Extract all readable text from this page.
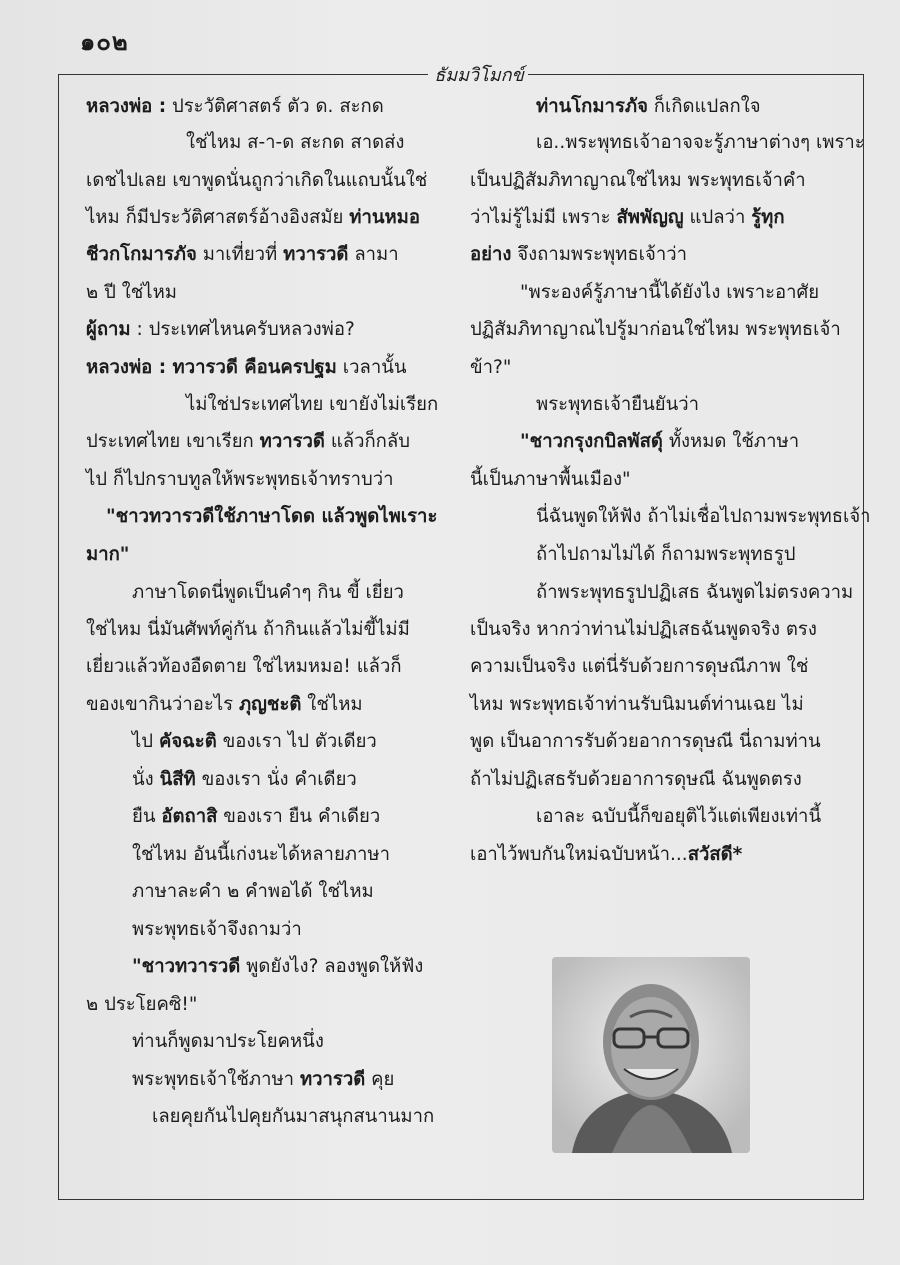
๑๐๒
ธัมมวิโมกข์
หลวงพ่อ : ประวัติศาสตร์ ตัว ด. สะกด
ใช่ไหม ส-า-ด สะกด สาดส่ง
เดชไปเลย เขาพูดนั่นถูกว่าเกิดในแถบนั้นใช่
ไหม ก็มีประวัติศาสตร์อ้างอิงสมัย ท่านหมอ
ชีวกโกมารภัจ มาเที่ยวที่ ทวารวดี ลามา
๒ ปี ใช่ไหม
ผู้ถาม : ประเทศไหนครับหลวงพ่อ?
หลวงพ่อ : ทวารวดี คือนครปฐม เวลานั้น
ไม่ใช่ประเทศไทย เขายังไม่เรียก
ประเทศไทย เขาเรียก ทวารวดี แล้วก็กลับ
ไป ก็ไปกราบทูลให้พระพุทธเจ้าทราบว่า
"ชาวทวารวดีใช้ภาษาโดด แล้วพูดไพเราะ
มาก"
ภาษาโดดนี่พูดเป็นคำๆ กิน ขี้ เยี่ยว
ใช่ไหม นี่มันศัพท์คู่กัน ถ้ากินแล้วไม่ขี้ไม่มี
เยี่ยวแล้วท้องอืดตาย ใช่ไหมหมอ! แล้วก็
ของเขากินว่าอะไร ภุญชะติ ใช่ไหม
ไป คัจฉะติ ของเรา ไป ตัวเดียว
นั่ง นิสีทิ ของเรา นั่ง คำเดียว
ยืน อัตถาสิ ของเรา ยืน คำเดียว
ใช่ไหม อันนี้เก่งนะได้หลายภาษา
ภาษาละคำ ๒ คำพอได้ ใช่ไหม
พระพุทธเจ้าจึงถามว่า
"ชาวทวารวดี พูดยังไง? ลองพูดให้ฟัง
๒ ประโยคซิ!"
ท่านก็พูดมาประโยคหนึ่ง
พระพุทธเจ้าใช้ภาษา ทวารวดี คุย
เลยคุยกันไปคุยกันมาสนุกสนานมาก
ท่านโกมารภัจ ก็เกิดแปลกใจ
เอ..พระพุทธเจ้าอาจจะรู้ภาษาต่างๆ เพราะ
เป็นปฏิสัมภิทาญาณใช่ไหม พระพุทธเจ้าคำ
ว่าไม่รู้ไม่มี เพราะ สัพพัญญู แปลว่า รู้ทุก
อย่าง จึงถามพระพุทธเจ้าว่า
"พระองค์รู้ภาษานี้ได้ยังไง เพราะอาศัย
ปฏิสัมภิทาญาณไปรู้มาก่อนใช่ไหม พระพุทธเจ้า
ข้า?"
พระพุทธเจ้ายืนยันว่า
"ชาวกรุงกบิลพัสดุ์ ทั้งหมด ใช้ภาษา
นี้เป็นภาษาพื้นเมือง"
นี่ฉันพูดให้ฟัง ถ้าไม่เชื่อไปถามพระพุทธเจ้า
ถ้าไปถามไม่ได้ ก็ถามพระพุทธรูป
ถ้าพระพุทธรูปปฏิเสธ ฉันพูดไม่ตรงความ
เป็นจริง หากว่าท่านไม่ปฏิเสธฉันพูดจริง ตรง
ความเป็นจริง แต่นี่รับด้วยการดุษณีภาพ ใช่
ไหม พระพุทธเจ้าท่านรับนิมนต์ท่านเฉย ไม่
พูด เป็นอาการรับด้วยอาการดุษณี นี่ถามท่าน
ถ้าไม่ปฏิเสธรับด้วยอาการดุษณี ฉันพูดตรง
เอาละ ฉบับนี้ก็ขอยุติไว้แต่เพียงเท่านี้
เอาไว้พบกันใหม่ฉบับหน้า...สวัสดี*
